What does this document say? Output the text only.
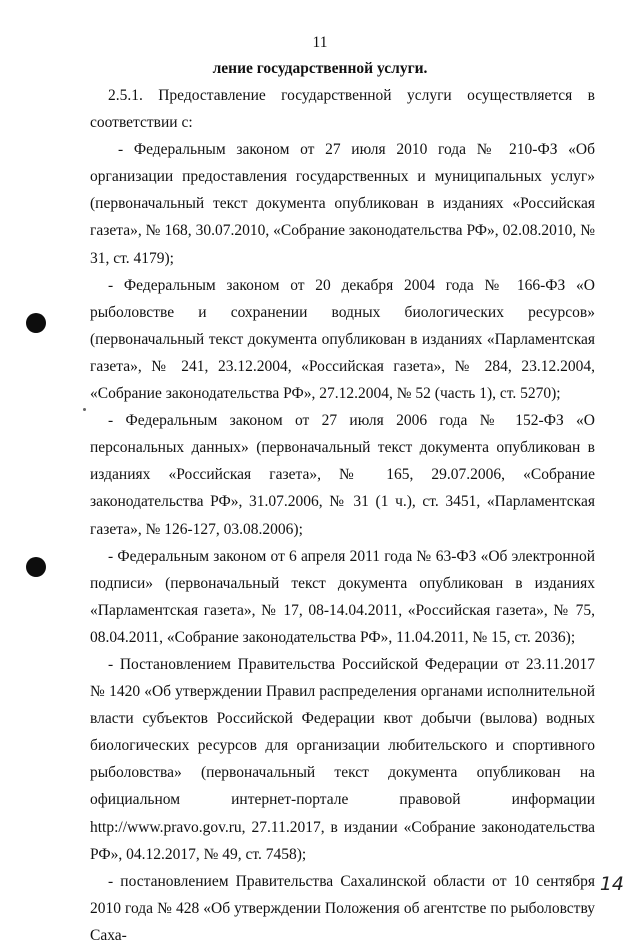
11
ление государственной услуги.

2.5.1. Предоставление государственной услуги осуществляется в соответствии с:

- Федеральным законом от 27 июля 2010 года № 210-ФЗ «Об организации предоставления государственных и муниципальных услуг» (первоначальный текст документа опубликован в изданиях «Российская газета», № 168, 30.07.2010, «Собрание законодательства РФ», 02.08.2010, № 31, ст. 4179);

- Федеральным законом от 20 декабря 2004 года № 166-ФЗ «О рыболовстве и сохранении водных биологических ресурсов» (первоначальный текст документа опубликован в изданиях «Парламентская газета», № 241, 23.12.2004, «Российская газета», № 284, 23.12.2004, «Собрание законодательства РФ», 27.12.2004, № 52 (часть 1), ст. 5270);

- Федеральным законом от 27 июля 2006 года № 152-ФЗ «О персональных данных» (первоначальный текст документа опубликован в изданиях «Российская газета», № 165, 29.07.2006, «Собрание законодательства РФ», 31.07.2006, № 31 (1 ч.), ст. 3451, «Парламентская газета», № 126-127, 03.08.2006);

- Федеральным законом от 6 апреля 2011 года № 63-ФЗ «Об электронной подписи» (первоначальный текст документа опубликован в изданиях «Парламентская газета», № 17, 08-14.04.2011, «Российская газета», № 75, 08.04.2011, «Собрание законодательства РФ», 11.04.2011, № 15, ст. 2036);

- Постановлением Правительства Российской Федерации от 23.11.2017 № 1420 «Об утверждении Правил распределения органами исполнительной власти субъектов Российской Федерации квот добычи (вылова) водных биологических ресурсов для организации любительского и спортивного рыболовства» (первоначальный текст документа опубликован на официальном интернет-портале правовой информации http://www.pravo.gov.ru, 27.11.2017, в издании «Собрание законодательства РФ», 04.12.2017, № 49, ст. 7458);

- постановлением Правительства Сахалинской области от 10 сентября 2010 года № 428 «Об утверждении Положения об агентстве по рыболовству Саха-

14
